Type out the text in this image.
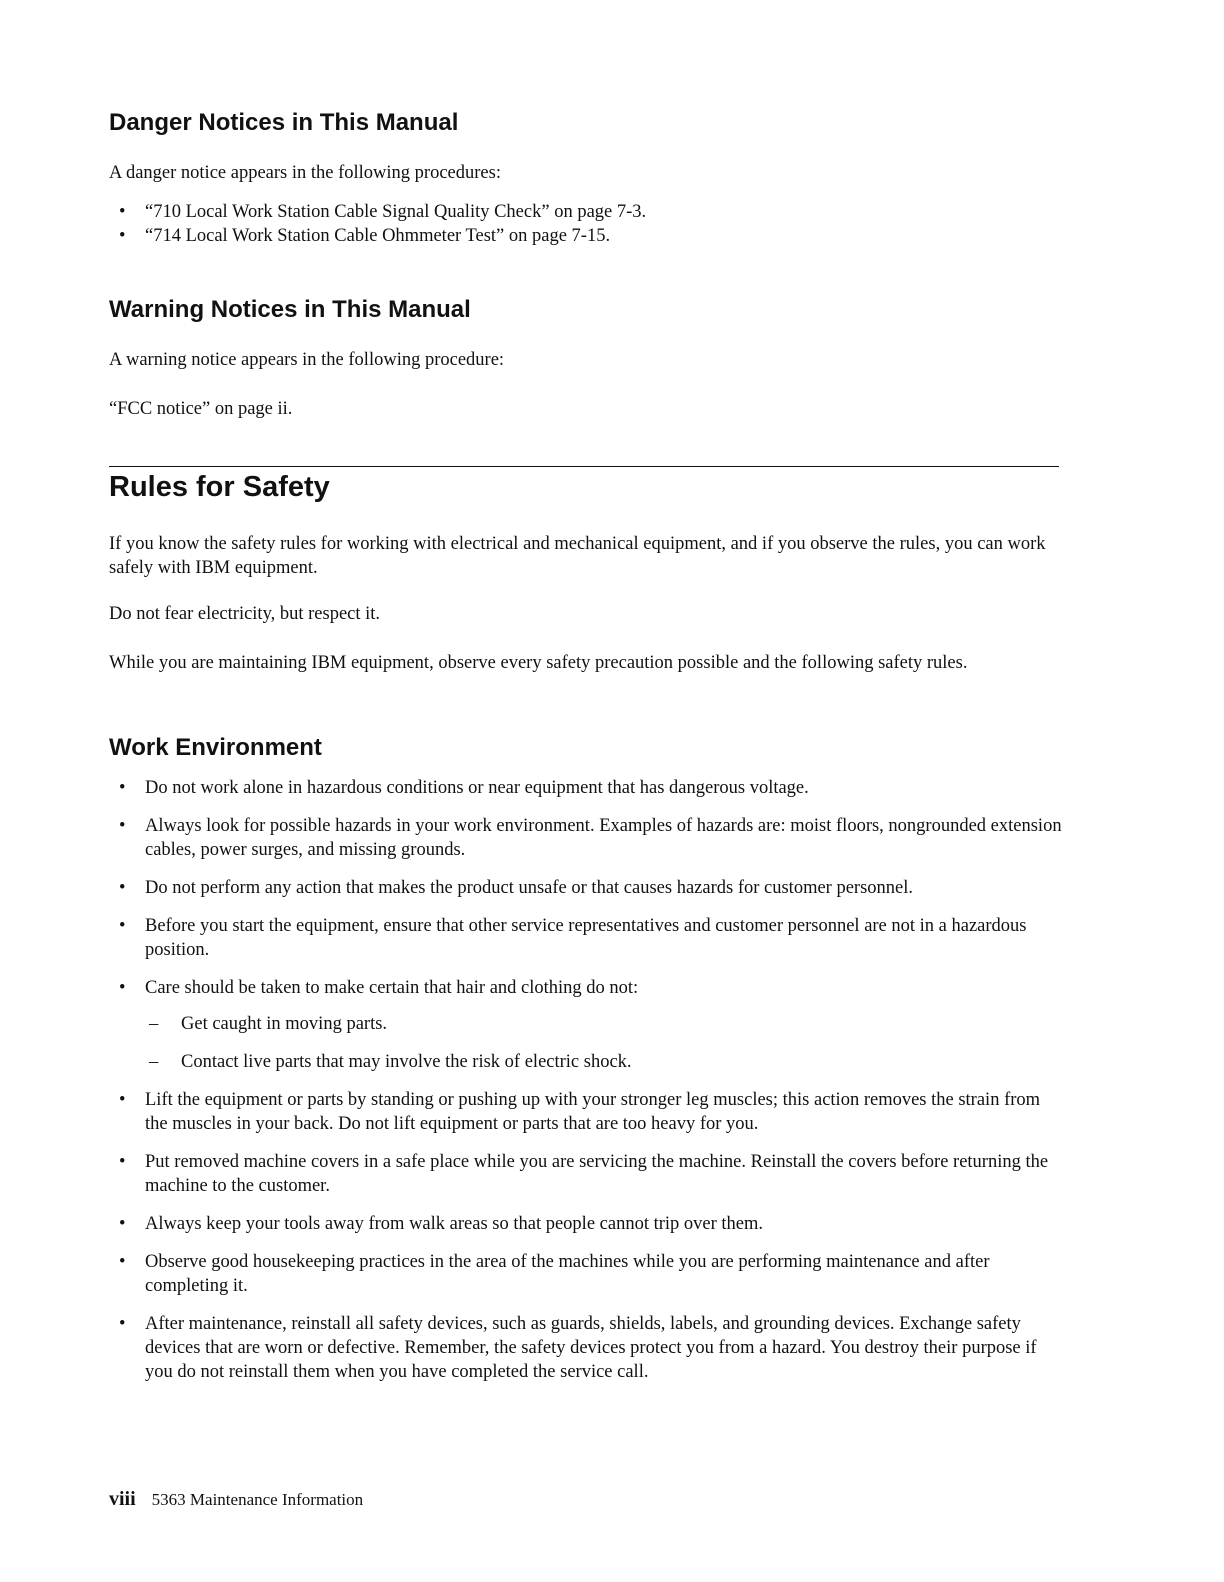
Danger Notices in This Manual

A danger notice appears in the following procedures:

• “710 Local Work Station Cable Signal Quality Check” on page 7-3.
• “714 Local Work Station Cable Ohmmeter Test” on page 7-15.
Warning Notices in This Manual

A warning notice appears in the following procedure:

“FCC notice” on page ii.

Rules for Safety

If you know the safety rules for working with electrical and mechanical equipment, and if you observe the rules, you can work safely with IBM equipment.

Do not fear electricity, but respect it.

While you are maintaining IBM equipment, observe every safety precaution possible and the following safety rules.

Work Environment
• Do not work alone in hazardous conditions or near equipment that has dangerous voltage.
• Always look for possible hazards in your work environment. Examples of hazards are: moist floors, nongrounded extension cables, power surges, and missing grounds.
• Do not perform any action that makes the product unsafe or that causes hazards for customer personnel.
• Before you start the equipment, ensure that other service representatives and customer personnel are not in a hazardous position.
• Care should be taken to make certain that hair and clothing do not:
– Get caught in moving parts.
– Contact live parts that may involve the risk of electric shock.
• Lift the equipment or parts by standing or pushing up with your stronger leg muscles; this action removes the strain from the muscles in your back. Do not lift equipment or parts that are too heavy for you.
• Put removed machine covers in a safe place while you are servicing the machine. Reinstall the covers before returning the machine to the customer.
• Always keep your tools away from walk areas so that people cannot trip over them.
• Observe good housekeeping practices in the area of the machines while you are performing maintenance and after completing it.
• After maintenance, reinstall all safety devices, such as guards, shields, labels, and grounding devices. Exchange safety devices that are worn or defective. Remember, the safety devices protect you from a hazard. You destroy their purpose if you do not reinstall them when you have completed the service call.
viii 5363 Maintenance Information
